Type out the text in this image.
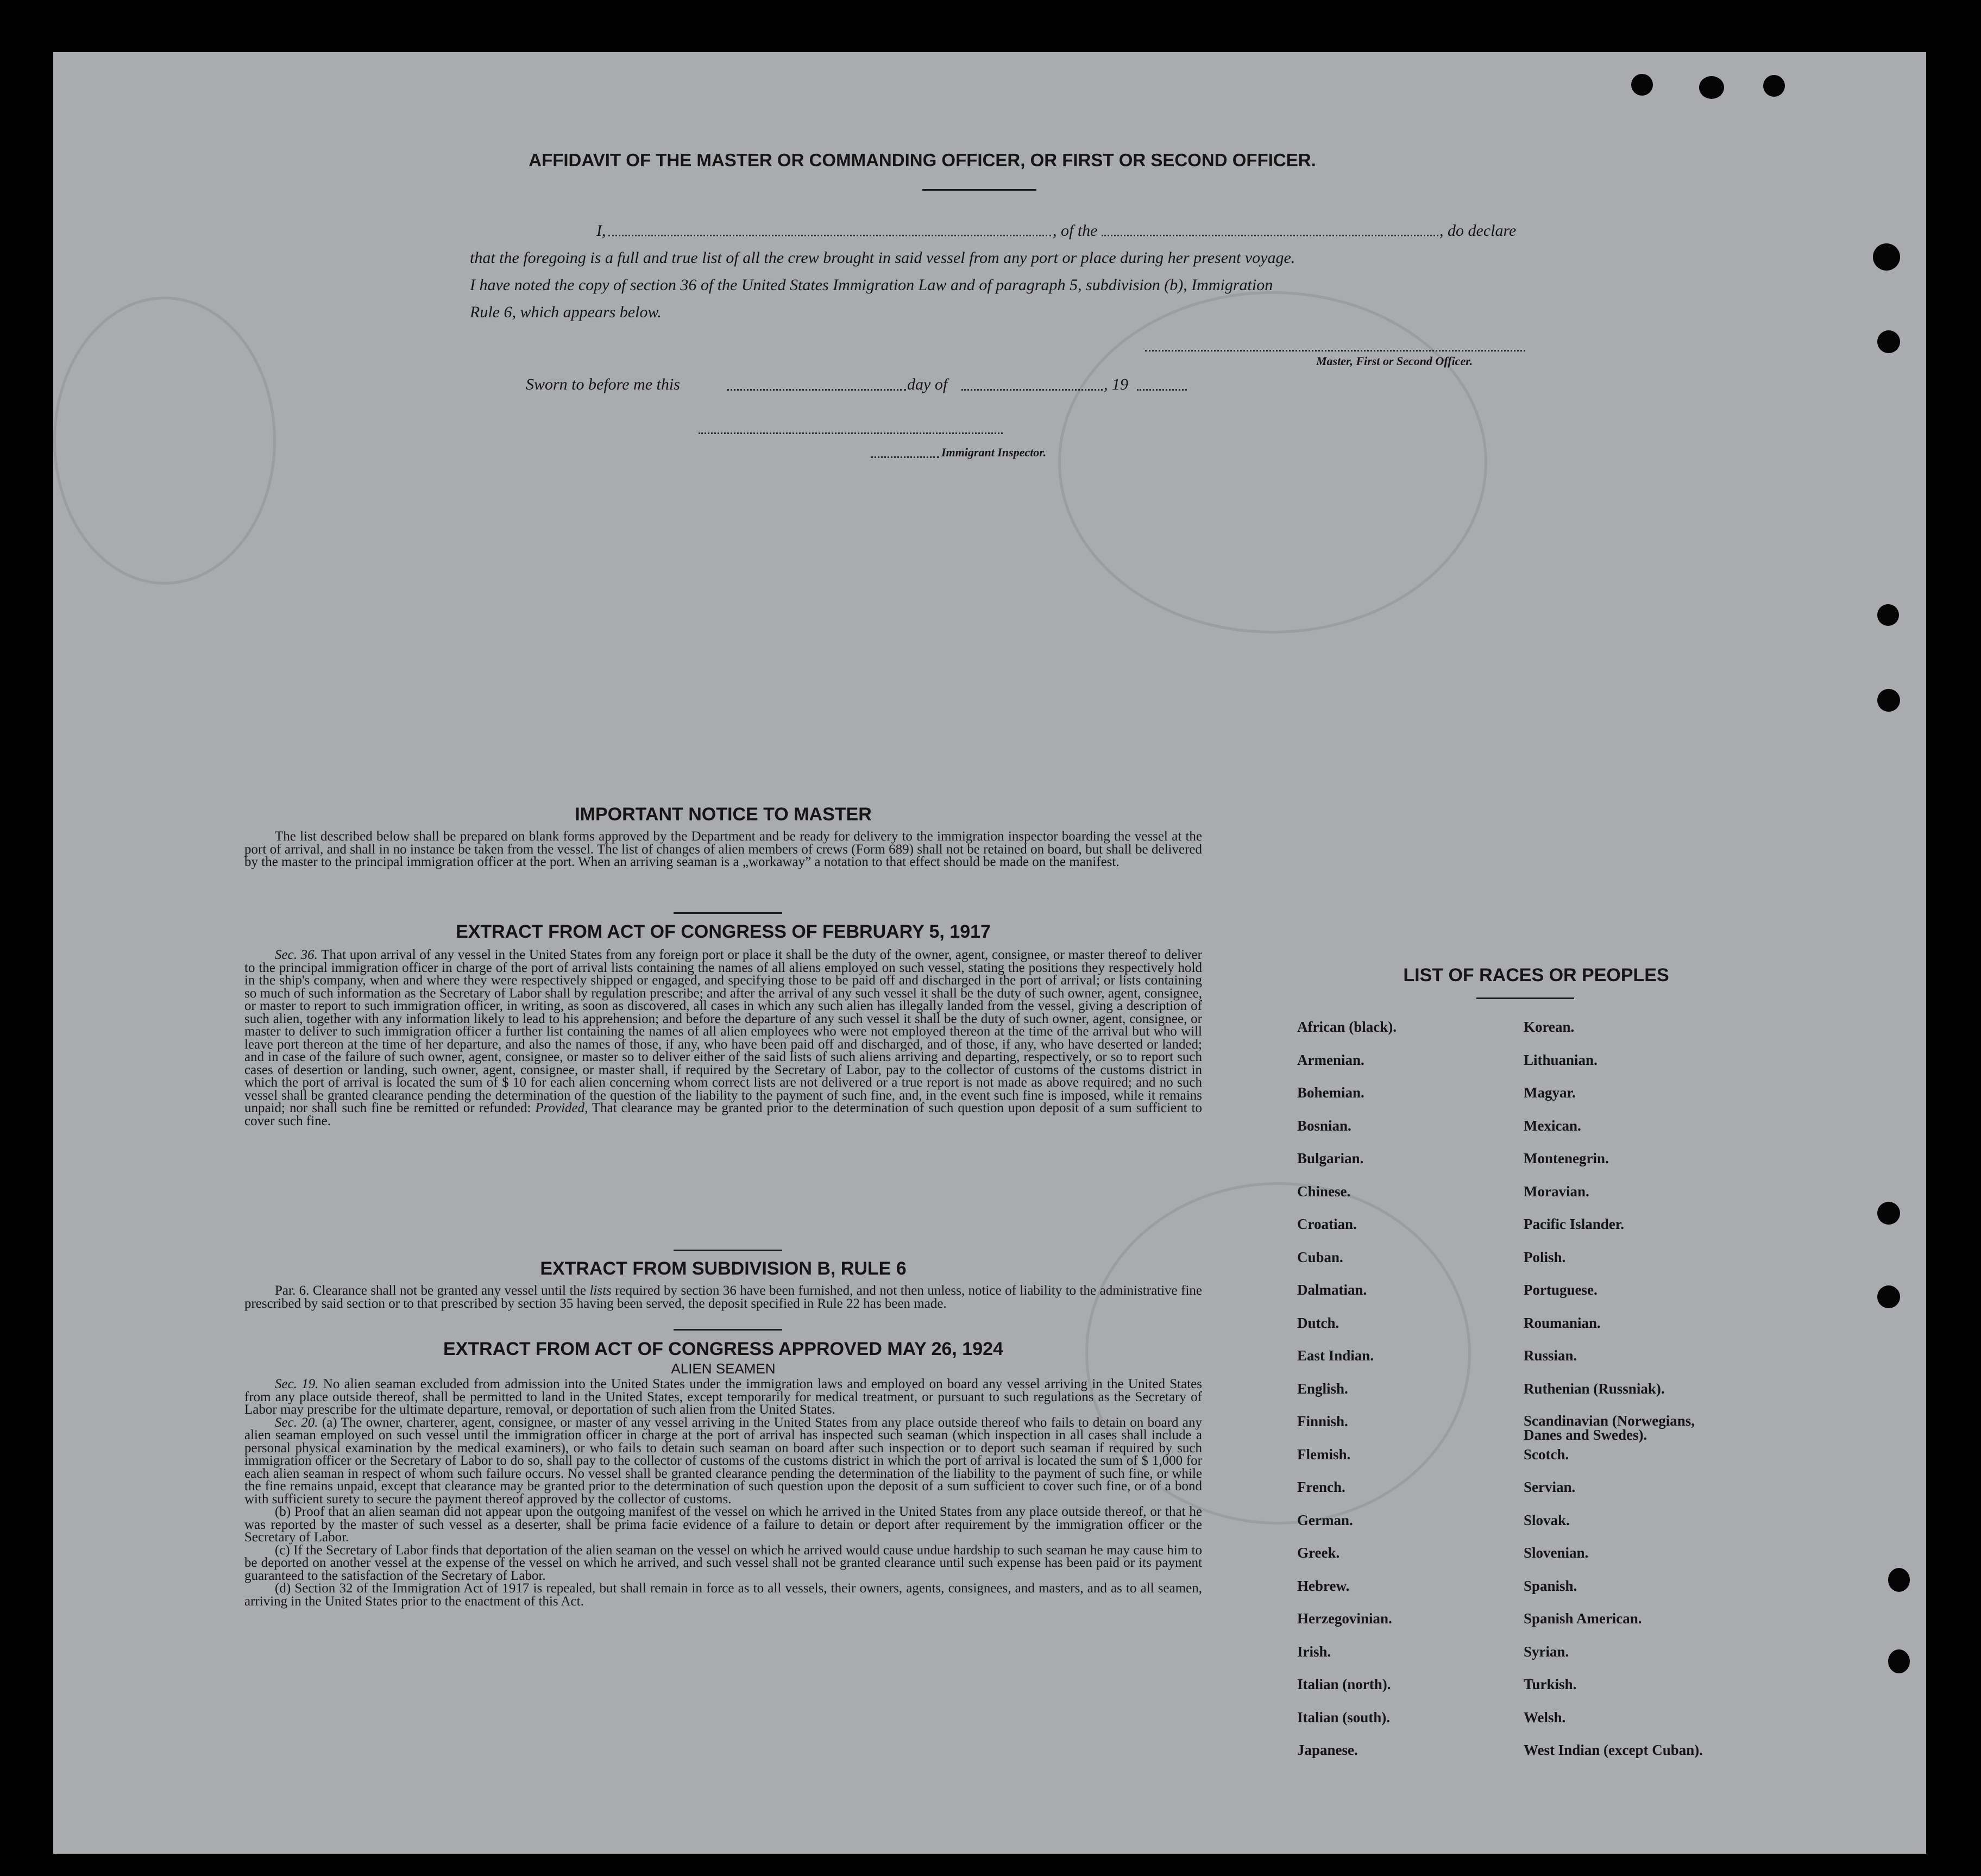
AFFIDAVIT OF THE MASTER OR COMMANDING OFFICER, OR FIRST OR SECOND OFFICER.
I,	, of the	, do declare
that the foregoing is a full and true list of all the crew brought in said vessel from any port or place during her present voyage.
I have noted the copy of section 36 of the United States Immigration Law and of paragraph 5, subdivision (b), Immigration
Rule 6, which appears below.
Master, First or Second Officer.
Sworn to before me this	day of	, 19
Immigrant Inspector.
IMPORTANT NOTICE TO MASTER

The list described below shall be prepared on blank forms approved by the Department and be ready for delivery to the immigration inspector boarding the vessel at the port of arrival, and shall in no instance be taken from the vessel. The list of changes of alien members of crews (Form 689) shall not be retained on board, but shall be delivered by the master to the principal immigration officer at the port. When an arriving seaman is a „workaway” a notation to that effect should be made on the manifest.

EXTRACT FROM ACT OF CONGRESS OF FEBRUARY 5, 1917

Sec. 36. That upon arrival of any vessel in the United States from any foreign port or place it shall be the duty of the owner, agent, consignee, or master thereof to deliver to the principal immigration officer in charge of the port of arrival lists containing the names of all aliens employed on such vessel, stating the positions they respectively hold in the ship's company, when and where they were respectively shipped or engaged, and specifying those to be paid off and discharged in the port of arrival; or lists containing so much of such information as the Secretary of Labor shall by regulation prescribe; and after the arrival of any such vessel it shall be the duty of such owner, agent, consignee, or master to report to such immigration officer, in writing, as soon as discovered, all cases in which any such alien has illegally landed from the vessel, giving a description of such alien, together with any information likely to lead to his apprehension; and before the departure of any such vessel it shall be the duty of such owner, agent, consignee, or master to deliver to such immigration officer a further list containing the names of all alien employees who were not employed thereon at the time of the arrival but who will leave port thereon at the time of her departure, and also the names of those, if any, who have been paid off and discharged, and of those, if any, who have deserted or landed; and in case of the failure of such owner, agent, consignee, or master so to deliver either of the said lists of such aliens arriving and departing, respectively, or so to report such cases of desertion or landing, such owner, agent, consignee, or master shall, if required by the Secretary of Labor, pay to the collector of customs of the customs district in which the port of arrival is located the sum of $ 10 for each alien concerning whom correct lists are not delivered or a true report is not made as above required; and no such vessel shall be granted clearance pending the determination of the question of the liability to the payment of such fine, and, in the event such fine is imposed, while it remains unpaid; nor shall such fine be remitted or refunded: Provided, That clearance may be granted prior to the determination of such question upon deposit of a sum sufficient to cover such fine.

EXTRACT FROM SUBDIVISION B, RULE 6

Par. 6. Clearance shall not be granted any vessel until the lists required by section 36 have been furnished, and not then unless, notice of liability to the administrative fine prescribed by said section or to that prescribed by section 35 having been served, the deposit specified in Rule 22 has been made.

EXTRACT FROM ACT OF CONGRESS APPROVED MAY 26, 1924
ALIEN SEAMEN

Sec. 19. No alien seaman excluded from admission into the United States under the immigration laws and employed on board any vessel arriving in the United States from any place outside thereof, shall be permitted to land in the United States, except temporarily for medical treatment, or pursuant to such regulations as the Secretary of Labor may prescribe for the ultimate departure, removal, or deportation of such alien from the United States.

Sec. 20. (a) The owner, charterer, agent, consignee, or master of any vessel arriving in the United States from any place outside thereof who fails to detain on board any alien seaman employed on such vessel until the immigration officer in charge at the port of arrival has inspected such seaman (which inspection in all cases shall include a personal physical examination by the medical examiners), or who fails to detain such seaman on board after such inspection or to deport such seaman if required by such immigration officer or the Secretary of Labor to do so, shall pay to the collector of customs of the customs district in which the port of arrival is located the sum of $ 1,000 for each alien seaman in respect of whom such failure occurs. No vessel shall be granted clearance pending the determination of the liability to the payment of such fine, or while the fine remains unpaid, except that clearance may be granted prior to the determination of such question upon the deposit of a sum sufficient to cover such fine, or of a bond with sufficient surety to secure the payment thereof approved by the collector of customs.

(b) Proof that an alien seaman did not appear upon the outgoing manifest of the vessel on which he arrived in the United States from any place outside thereof, or that he was reported by the master of such vessel as a deserter, shall be prima facie evidence of a failure to detain or deport after requirement by the immigration officer or the Secretary of Labor.

(c) If the Secretary of Labor finds that deportation of the alien seaman on the vessel on which he arrived would cause undue hardship to such seaman he may cause him to be deported on another vessel at the expense of the vessel on which he arrived, and such vessel shall not be granted clearance until such expense has been paid or its payment guaranteed to the satisfaction of the Secretary of Labor.

(d) Section 32 of the Immigration Act of 1917 is repealed, but shall remain in force as to all vessels, their owners, agents, consignees, and masters, and as to all seamen, arriving in the United States prior to the enactment of this Act.

LIST OF RACES OR PEOPLES
African (black).
Armenian.
Bohemian.
Bosnian.
Bulgarian.
Chinese.
Croatian.
Cuban.
Dalmatian.
Dutch.
East Indian.
English.
Finnish.
Flemish.
French.
German.
Greek.
Hebrew.
Herzegovinian.
Irish.
Italian (north).
Italian (south).
Japanese.
Korean.
Lithuanian.
Magyar.
Mexican.
Montenegrin.
Moravian.
Pacific Islander.
Polish.
Portuguese.
Roumanian.
Russian.
Ruthenian (Russniak).
Scandinavian (Norwegians, Danes and Swedes).
Scotch.
Servian.
Slovak.
Slovenian.
Spanish.
Spanish American.
Syrian.
Turkish.
Welsh.
West Indian (except Cuban).
